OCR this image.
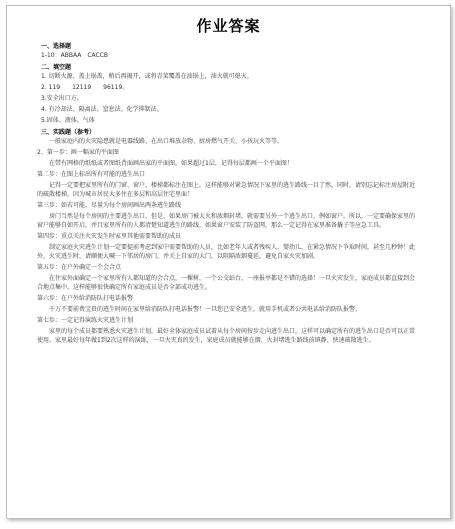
作业答案
一、选择题
1-10：ABBAA　CACCB
二、填空题
1. 切断火源、盖上锅盖，稍后再揭开，或将青菜覆盖在油锅上，油火就可熄灭。
2. 119　　12119　　96119。
3.安全出口方。
4. 有冷却法、隔离法、窒息法、化学抑制法。
5.固体、液体、气体
三、实践题（参考）
一般家庭内的火灾隐患就是电器线路、在出口堆放杂物、厨房燃气开关、小孩玩火等等。
2、第一步：画一幅家的平面图
在带有网格的纸纸或者图纸背面画出家的平面图，如果超过1层，记得每层都画一个平面图！
第二步：在图上标出所有可能的逃生出口
记得一定要把家里所有的门窗、窗户、楼梯都标注在图上，这样能够对紧急情况下家里的逃生路线一目了然，同时，请别忘记标注房屋附近的疏散楼梯，因为城市居民大多住在多层和高层住宅里面！
第三步：如若可能，尽量为每个房间画出两条逃生路线
房门当然是每个房间的主要逃生出口，但是，如果房门被大火和浓烟封堵，就需要另外一个逃生出口，例如窗户。所以，一定要确保家里的窗户能够自如开启，并且家里所有的人都清楚知道逃生的路线，如果窗户安装了防盗网，那么一定记得在家里准备撬子等应急工具。
第四步：重点关注火灾发生时家里其他需要帮助的成员
制定家庭火灾逃生计划一定要提前考虑到家中需要帮助的人员，比如老年人或者残疾人、婴幼儿，在紧急情况下争取时间，甚至几秒钟！此外，火灾逃生时，请顺便大喊一下邻居的房门，并关上自家的大门，以阻隔浓烟蔓延，避免自家火灾加剧。
第五步：在户外确定一个会合点
在住家外面确定一个家里所有人都知道的会合点，一棵树，一个公交站台、一座报亭都是不错的选择！一旦火灾发生，家庭成员都直接到会合地点集中，这样能够很快确定所有家庭成员是否全部成功逃生。
第六步：在户外给消防队打电话报警
千万不要前费宝贵的逃生时间在家里给消防队打电话报警！一旦您已安全逃生，就用手机或者公共电话给消防队报警。
第七步：一定记得演练火灾逃生计划
家里的每个成员都要熟悉火灾逃生计划，最好全体家庭成员试着从每个房间按步走向逃生出口，这样可以确定所有的逃生出口是否可以正常使用。家里最好每年做1到2次这样的演练，一旦火灾真的发生，家庭成员就能够在烟、火封堵逃生路线前镇静、快速疏散逃生。
